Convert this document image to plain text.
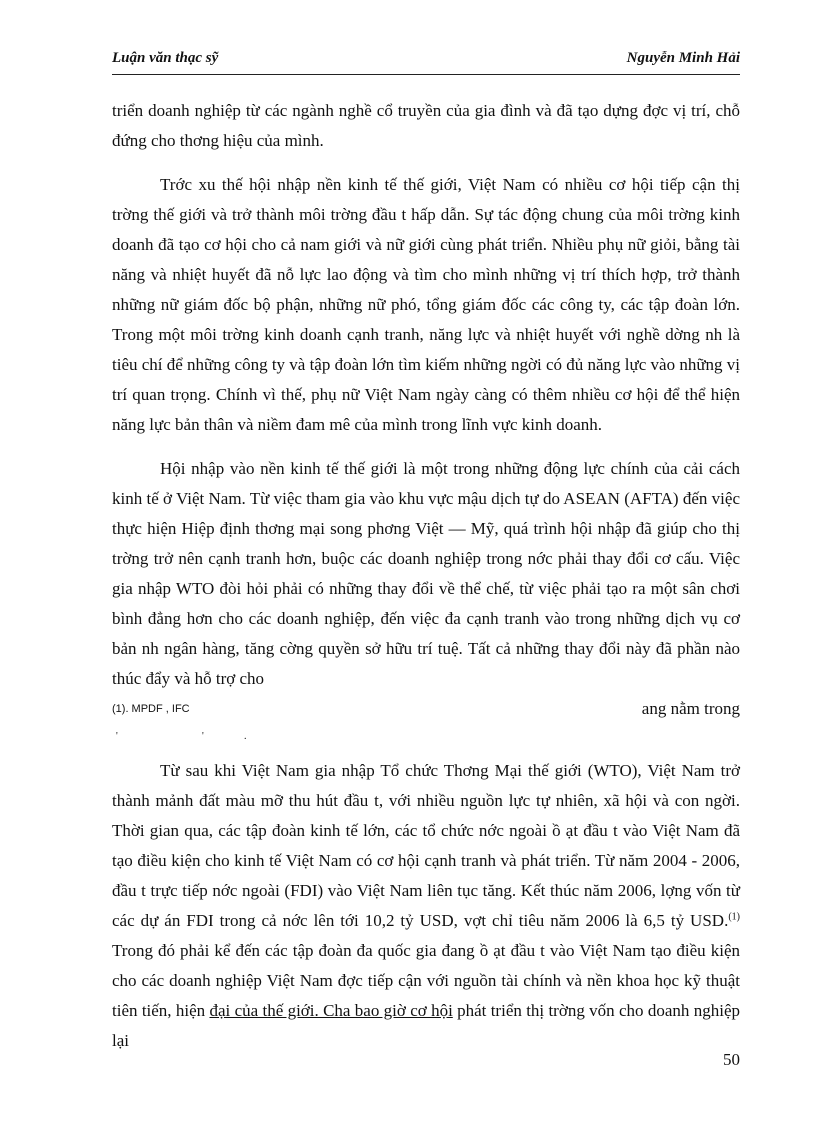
Luận văn thạc sỹ	Nguyễn Minh Hải

triển doanh nghiệp từ các ngành nghề cổ truyền của gia đình và đã tạo dựng đợc vị trí, chỗ đứng cho thơng hiệu của mình.

Trớc xu thế hội nhập nền kinh tế thế giới, Việt Nam có nhiều cơ hội tiếp cận thị trờng thế giới và trở thành môi trờng đầu t hấp dẫn. Sự tác động chung của môi trờng kinh doanh đã tạo cơ hội cho cả nam giới và nữ giới cùng phát triển. Nhiều phụ nữ giỏi, bằng tài năng và nhiệt huyết đã nỗ lực lao động và tìm cho mình những vị trí thích hợp, trở thành những nữ giám đốc bộ phận, những nữ phó, tổng giám đốc các công ty, các tập đoàn lớn. Trong một môi trờng kinh doanh cạnh tranh, năng lực và nhiệt huyết với nghề dờng nh là tiêu chí để những công ty và tập đoàn lớn tìm kiếm những ngời có đủ năng lực vào những vị trí quan trọng. Chính vì thế, phụ nữ Việt Nam ngày càng có thêm nhiều cơ hội để thể hiện năng lực bản thân và niềm đam mê của mình trong lĩnh vực kinh doanh.

Hội nhập vào nền kinh tế thế giới là một trong những động lực chính của cải cách kinh tế ở Việt Nam. Từ việc tham gia vào khu vực mậu dịch tự do ASEAN (AFTA) đến việc thực hiện Hiệp định thơng mại song phơng Việt — Mỹ, quá trình hội nhập đã giúp cho thị trờng trở nên cạnh tranh hơn, buộc các doanh nghiệp trong nớc phải thay đổi cơ cấu. Việc gia nhập WTO đòi hỏi phải có những thay đổi về thể chế, từ việc phải tạo ra một sân chơi bình đẳng hơn cho các doanh nghiệp, đến việc đa cạnh tranh vào trong những dịch vụ cơ bản nh ngân hàng, tăng cờng quyền sở hữu trí tuệ. Tất cả những thay đổi này đã phần nào thúc đẩy và hỗ trợ cho

(1). MPDF , IFC	ang nằm trong
'	'	.

Từ sau khi Việt Nam gia nhập Tổ chức Thơng Mại thế giới (WTO), Việt Nam trở thành mảnh đất màu mỡ thu hút đầu t, với nhiều nguồn lực tự nhiên, xã hội và con ngời. Thời gian qua, các tập đoàn kinh tế lớn, các tổ chức nớc ngoài ồ ạt đầu t vào Việt Nam đã tạo điều kiện cho kinh tế Việt Nam có cơ hội cạnh tranh và phát triển. Từ năm 2004 - 2006, đầu t trực tiếp nớc ngoài (FDI) vào Việt Nam liên tục tăng. Kết thúc năm 2006, lợng vốn từ các dự án FDI trong cả nớc lên tới 10,2 tỷ USD, vợt chỉ tiêu năm 2006 là 6,5 tỷ USD.$^{(1)}$ Trong đó phải kể đến các tập đoàn đa quốc gia đang ồ ạt đầu t vào Việt Nam tạo điều kiện cho các doanh nghiệp Việt Nam đợc tiếp cận với nguồn tài chính và nền khoa học kỹ thuật tiên tiến, hiện đại của thế giới. Cha bao giờ cơ hội phát triển thị trờng vốn cho doanh nghiệp lại

50
